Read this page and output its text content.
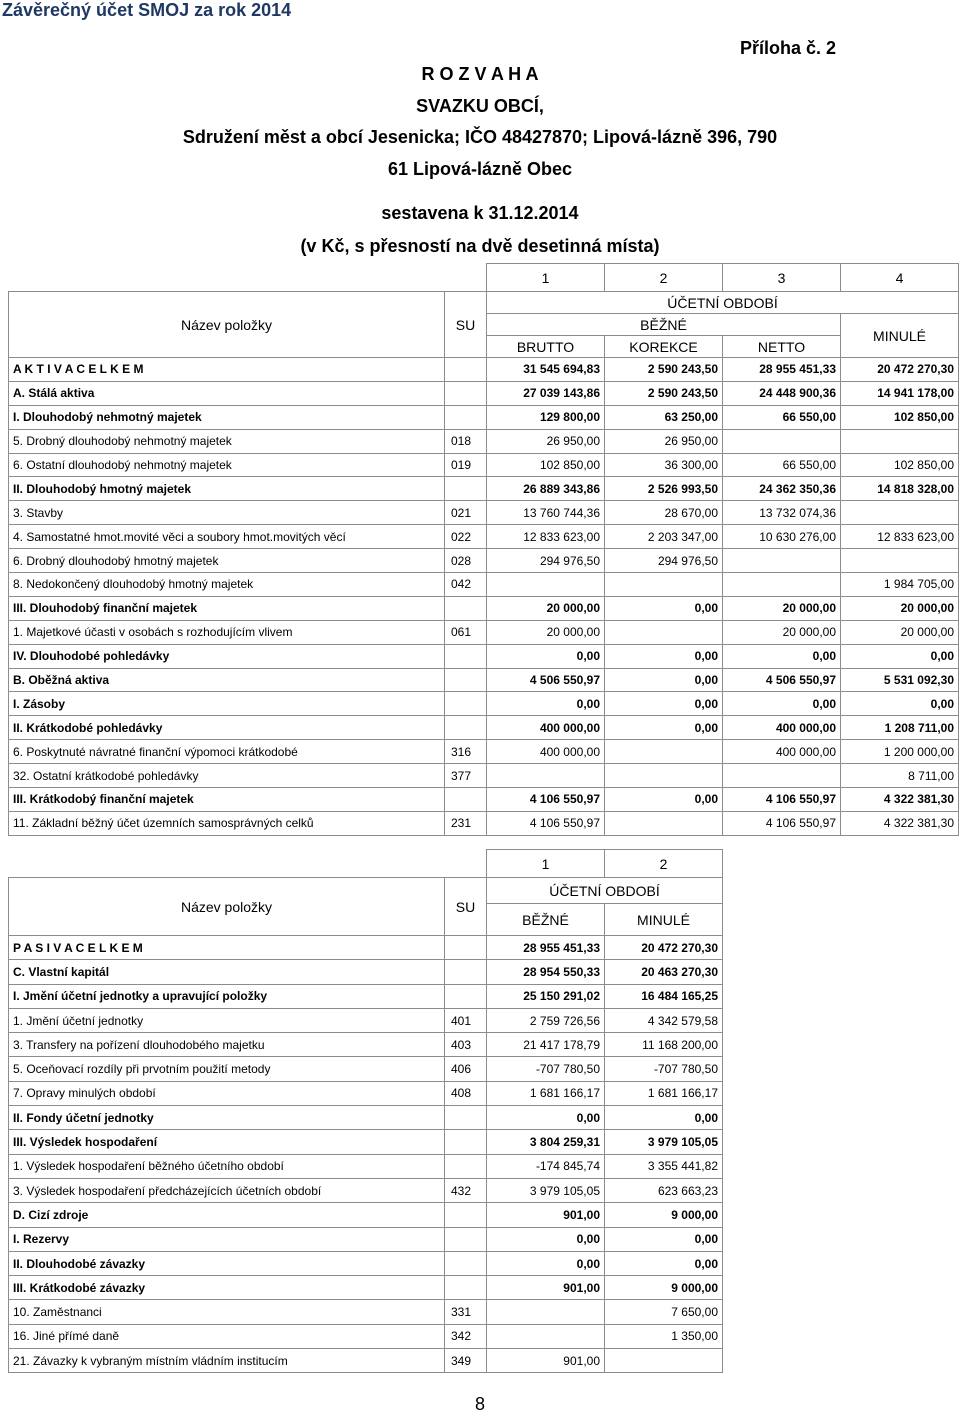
Závěrečný účet SMOJ za rok 2014
Příloha č. 2
R O Z V A H A
SVAZKU OBCÍ,
Sdružení měst a obcí Jesenicka; IČO 48427870; Lipová-lázně 396, 790
61 Lipová-lázně Obec
sestavena k 31.12.2014
(v Kč, s přesností na dvě desetinná místa)
		1	2	3	4
Název položky	SU	ÚČETNÍ OBDOBÍ			
		BĚŽNÉ			MINULÉ
		BRUTTO	KOREKCE	NETTO	
A K T I V A C E L K E M		31 545 694,83	2 590 243,50	28 955 451,33	20 472 270,30
A. Stálá aktiva		27 039 143,86	2 590 243,50	24 448 900,36	14 941 178,00
I. Dlouhodobý nehmotný majetek		129 800,00	63 250,00	66 550,00	102 850,00
5. Drobný dlouhodobý nehmotný majetek	018	26 950,00	26 950,00		
6. Ostatní dlouhodobý nehmotný majetek	019	102 850,00	36 300,00	66 550,00	102 850,00
II. Dlouhodobý hmotný majetek		26 889 343,86	2 526 993,50	24 362 350,36	14 818 328,00
3. Stavby	021	13 760 744,36	28 670,00	13 732 074,36	
4. Samostatné hmot.movité věci a soubory hmot.movitých věcí	022	12 833 623,00	2 203 347,00	10 630 276,00	12 833 623,00
6. Drobný dlouhodobý hmotný majetek	028	294 976,50	294 976,50		
8. Nedokončený dlouhodobý hmotný majetek	042				1 984 705,00
III. Dlouhodobý finanční majetek		20 000,00	0,00	20 000,00	20 000,00
1. Majetkové účasti v osobách s rozhodujícím vlivem	061	20 000,00		20 000,00	20 000,00
IV. Dlouhodobé pohledávky		0,00	0,00	0,00	0,00
B. Oběžná aktiva		4 506 550,97	0,00	4 506 550,97	5 531 092,30
I. Zásoby		0,00	0,00	0,00	0,00
II. Krátkodobé pohledávky		400 000,00	0,00	400 000,00	1 208 711,00
6. Poskytnuté návratné finanční výpomoci krátkodobé	316	400 000,00		400 000,00	1 200 000,00
32. Ostatní krátkodobé pohledávky	377				8 711,00
III. Krátkodobý finanční majetek		4 106 550,97	0,00	4 106 550,97	4 322 381,30
11. Základní běžný účet územních samosprávných celků	231	4 106 550,97		4 106 550,97	4 322 381,30
		1	2
Název položky	SU	ÚČETNÍ OBDOBÍ	
		BĚŽNÉ	MINULÉ
P A S I V A C E L K E M		28 955 451,33	20 472 270,30
C. Vlastní kapitál		28 954 550,33	20 463 270,30
I. Jmění účetní jednotky a upravující položky		25 150 291,02	16 484 165,25
1. Jmění účetní jednotky	401	2 759 726,56	4 342 579,58
3. Transfery na pořízení dlouhodobého majetku	403	21 417 178,79	11 168 200,00
5. Oceňovací rozdíly při prvotním použití metody	406	-707 780,50	-707 780,50
7. Opravy minulých období	408	1 681 166,17	1 681 166,17
II. Fondy účetní jednotky		0,00	0,00
III. Výsledek hospodaření		3 804 259,31	3 979 105,05
1. Výsledek hospodaření běžného účetního období		-174 845,74	3 355 441,82
3. Výsledek hospodaření předcházejících účetních období	432	3 979 105,05	623 663,23
D. Cizí zdroje		901,00	9 000,00
I. Rezervy		0,00	0,00
II. Dlouhodobé závazky		0,00	0,00
III. Krátkodobé závazky		901,00	9 000,00
10. Zaměstnanci	331		7 650,00
16. Jiné přímé daně	342		1 350,00
21. Závazky k vybraným místním vládním institucím	349	901,00	
8
